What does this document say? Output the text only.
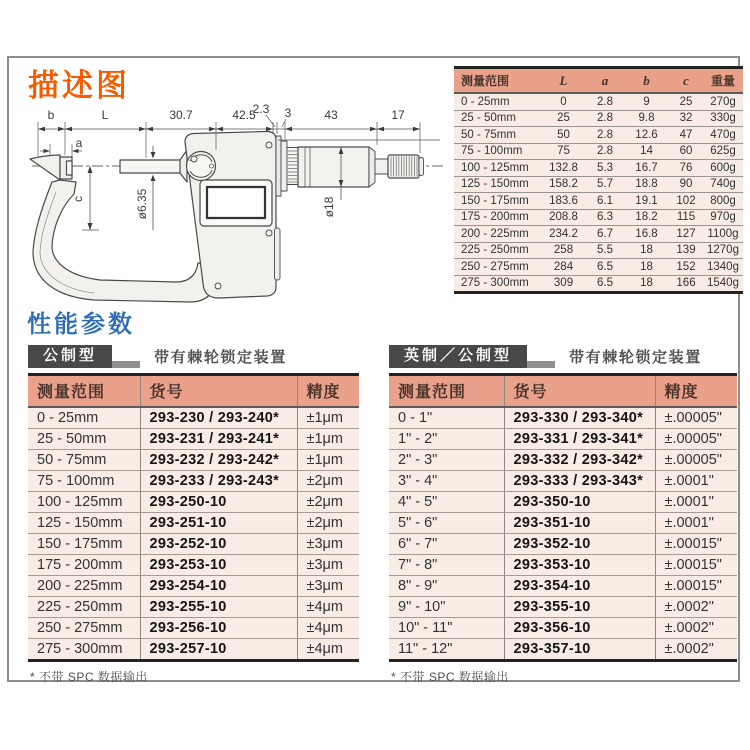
描述图
b	L	30.7	42.5
2.3 3	43	17
a
c	ø6.35	ø18
测量范围	L	a	b	c	重量
0 - 25mm	0	2.8	9	25	270g
25 - 50mm	25	2.8	9.8	32	330g
50 - 75mm	50	2.8	12.6	47	470g
75 - 100mm	75	2.8	14	60	625g
100 - 125mm	132.8	5.3	16.7	76	600g
125 - 150mm	158.2	5.7	18.8	90	740g
150 - 175mm	183.6	6.1	19.1	102	800g
175 - 200mm	208.8	6.3	18.2	115	970g
200 - 225mm	234.2	6.7	16.8	127	1100g
225 - 250mm	258	5.5	18	139	1270g
250 - 275mm	284	6.5	18	152	1340g
275 - 300mm	309	6.5	18	166	1540g
性能参数
公制型	带有棘轮锁定装置
测量范围	货号	精度
0 - 25mm	293-230 / 293-240*	±1μm
25 - 50mm	293-231 / 293-241*	±1μm
50 - 75mm	293-232 / 293-242*	±1μm
75 - 100mm	293-233 / 293-243*	±2μm
100 - 125mm	293-250-10	±2μm
125 - 150mm	293-251-10	±2μm
150 - 175mm	293-252-10	±3μm
175 - 200mm	293-253-10	±3μm
200 - 225mm	293-254-10	±3μm
225 - 250mm	293-255-10	±4μm
250 - 275mm	293-256-10	±4μm
275 - 300mm	293-257-10	±4μm
* 不带 SPC 数据输出
英制／公制型	带有棘轮锁定装置
测量范围	货号	精度
0 - 1"	293-330 / 293-340*	±.00005"
1" - 2"	293-331 / 293-341*	±.00005"
2" - 3"	293-332 / 293-342*	±.00005"
3" - 4"	293-333 / 293-343*	±.0001"
4" - 5"	293-350-10	±.0001"
5" - 6"	293-351-10	±.0001"
6" - 7"	293-352-10	±.00015"
7" - 8"	293-353-10	±.00015"
8" - 9"	293-354-10	±.00015"
9" - 10"	293-355-10	±.0002"
10" - 11"	293-356-10	±.0002"
11" - 12"	293-357-10	±.0002"
* 不带 SPC 数据输出
